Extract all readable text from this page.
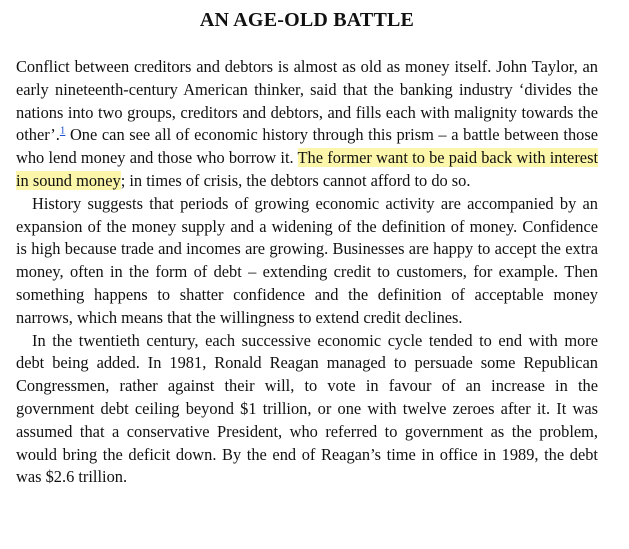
AN AGE-OLD BATTLE

Conflict between creditors and debtors is almost as old as money itself. John Taylor, an early nineteenth-century American thinker, said that the banking industry ‘divides the nations into two groups, creditors and debtors, and fills each with malignity towards the other’.$^1$ One can see all of economic history through this prism – a battle between those who lend money and those who borrow it. The former want to be paid back with interest in sound money; in times of crisis, the debtors cannot afford to do so.

History suggests that periods of growing economic activity are accompanied by an expansion of the money supply and a widening of the definition of money. Confidence is high because trade and incomes are growing. Businesses are happy to accept the extra money, often in the form of debt – extending credit to customers, for example. Then something happens to shatter confidence and the definition of acceptable money narrows, which means that the willingness to extend credit declines.

In the twentieth century, each successive economic cycle tended to end with more debt being added. In 1981, Ronald Reagan managed to persuade some Republican Congressmen, rather against their will, to vote in favour of an increase in the government debt ceiling beyond $1 trillion, or one with twelve zeroes after it. It was assumed that a conservative President, who referred to government as the problem, would bring the deficit down. By the end of Reagan’s time in office in 1989, the debt was $2.6 trillion.
